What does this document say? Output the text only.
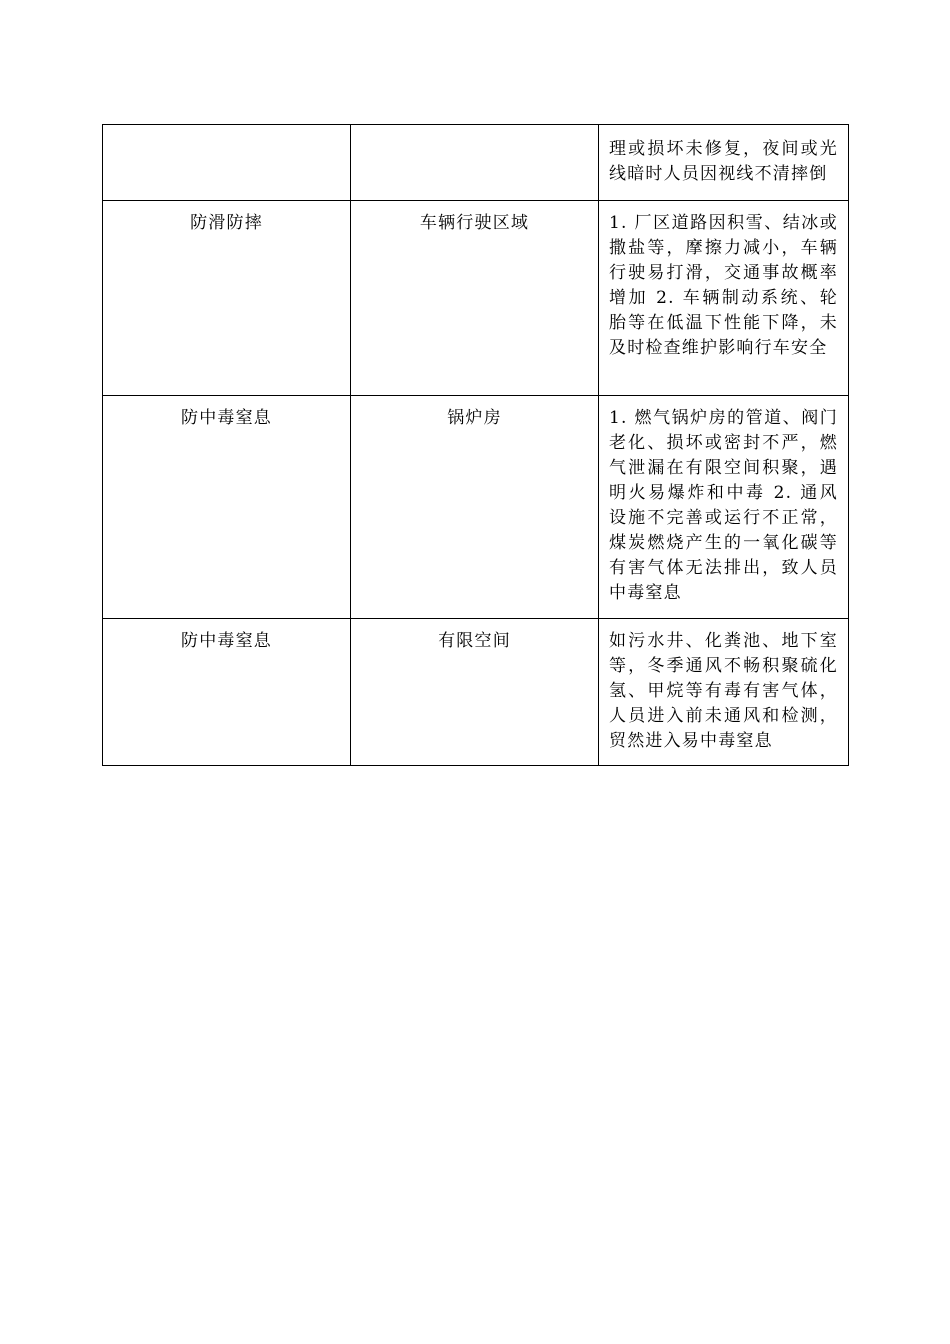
		理或损坏未修复，夜间或光线暗时人员因视线不清摔倒
防滑防摔	车辆行驶区域	1. 厂区道路因积雪、结冰或撒盐等，摩擦力减小，车辆行驶易打滑，交通事故概率增加 2. 车辆制动系统、轮胎等在低温下性能下降，未及时检查维护影响行车安全
防中毒窒息	锅炉房	1. 燃气锅炉房的管道、阀门老化、损坏或密封不严，燃气泄漏在有限空间积聚，遇明火易爆炸和中毒 2. 通风设施不完善或运行不正常，煤炭燃烧产生的一氧化碳等有害气体无法排出，致人员中毒窒息
防中毒窒息	有限空间	如污水井、化粪池、地下室等，冬季通风不畅积聚硫化氢、甲烷等有毒有害气体，人员进入前未通风和检测，贸然进入易中毒窒息
